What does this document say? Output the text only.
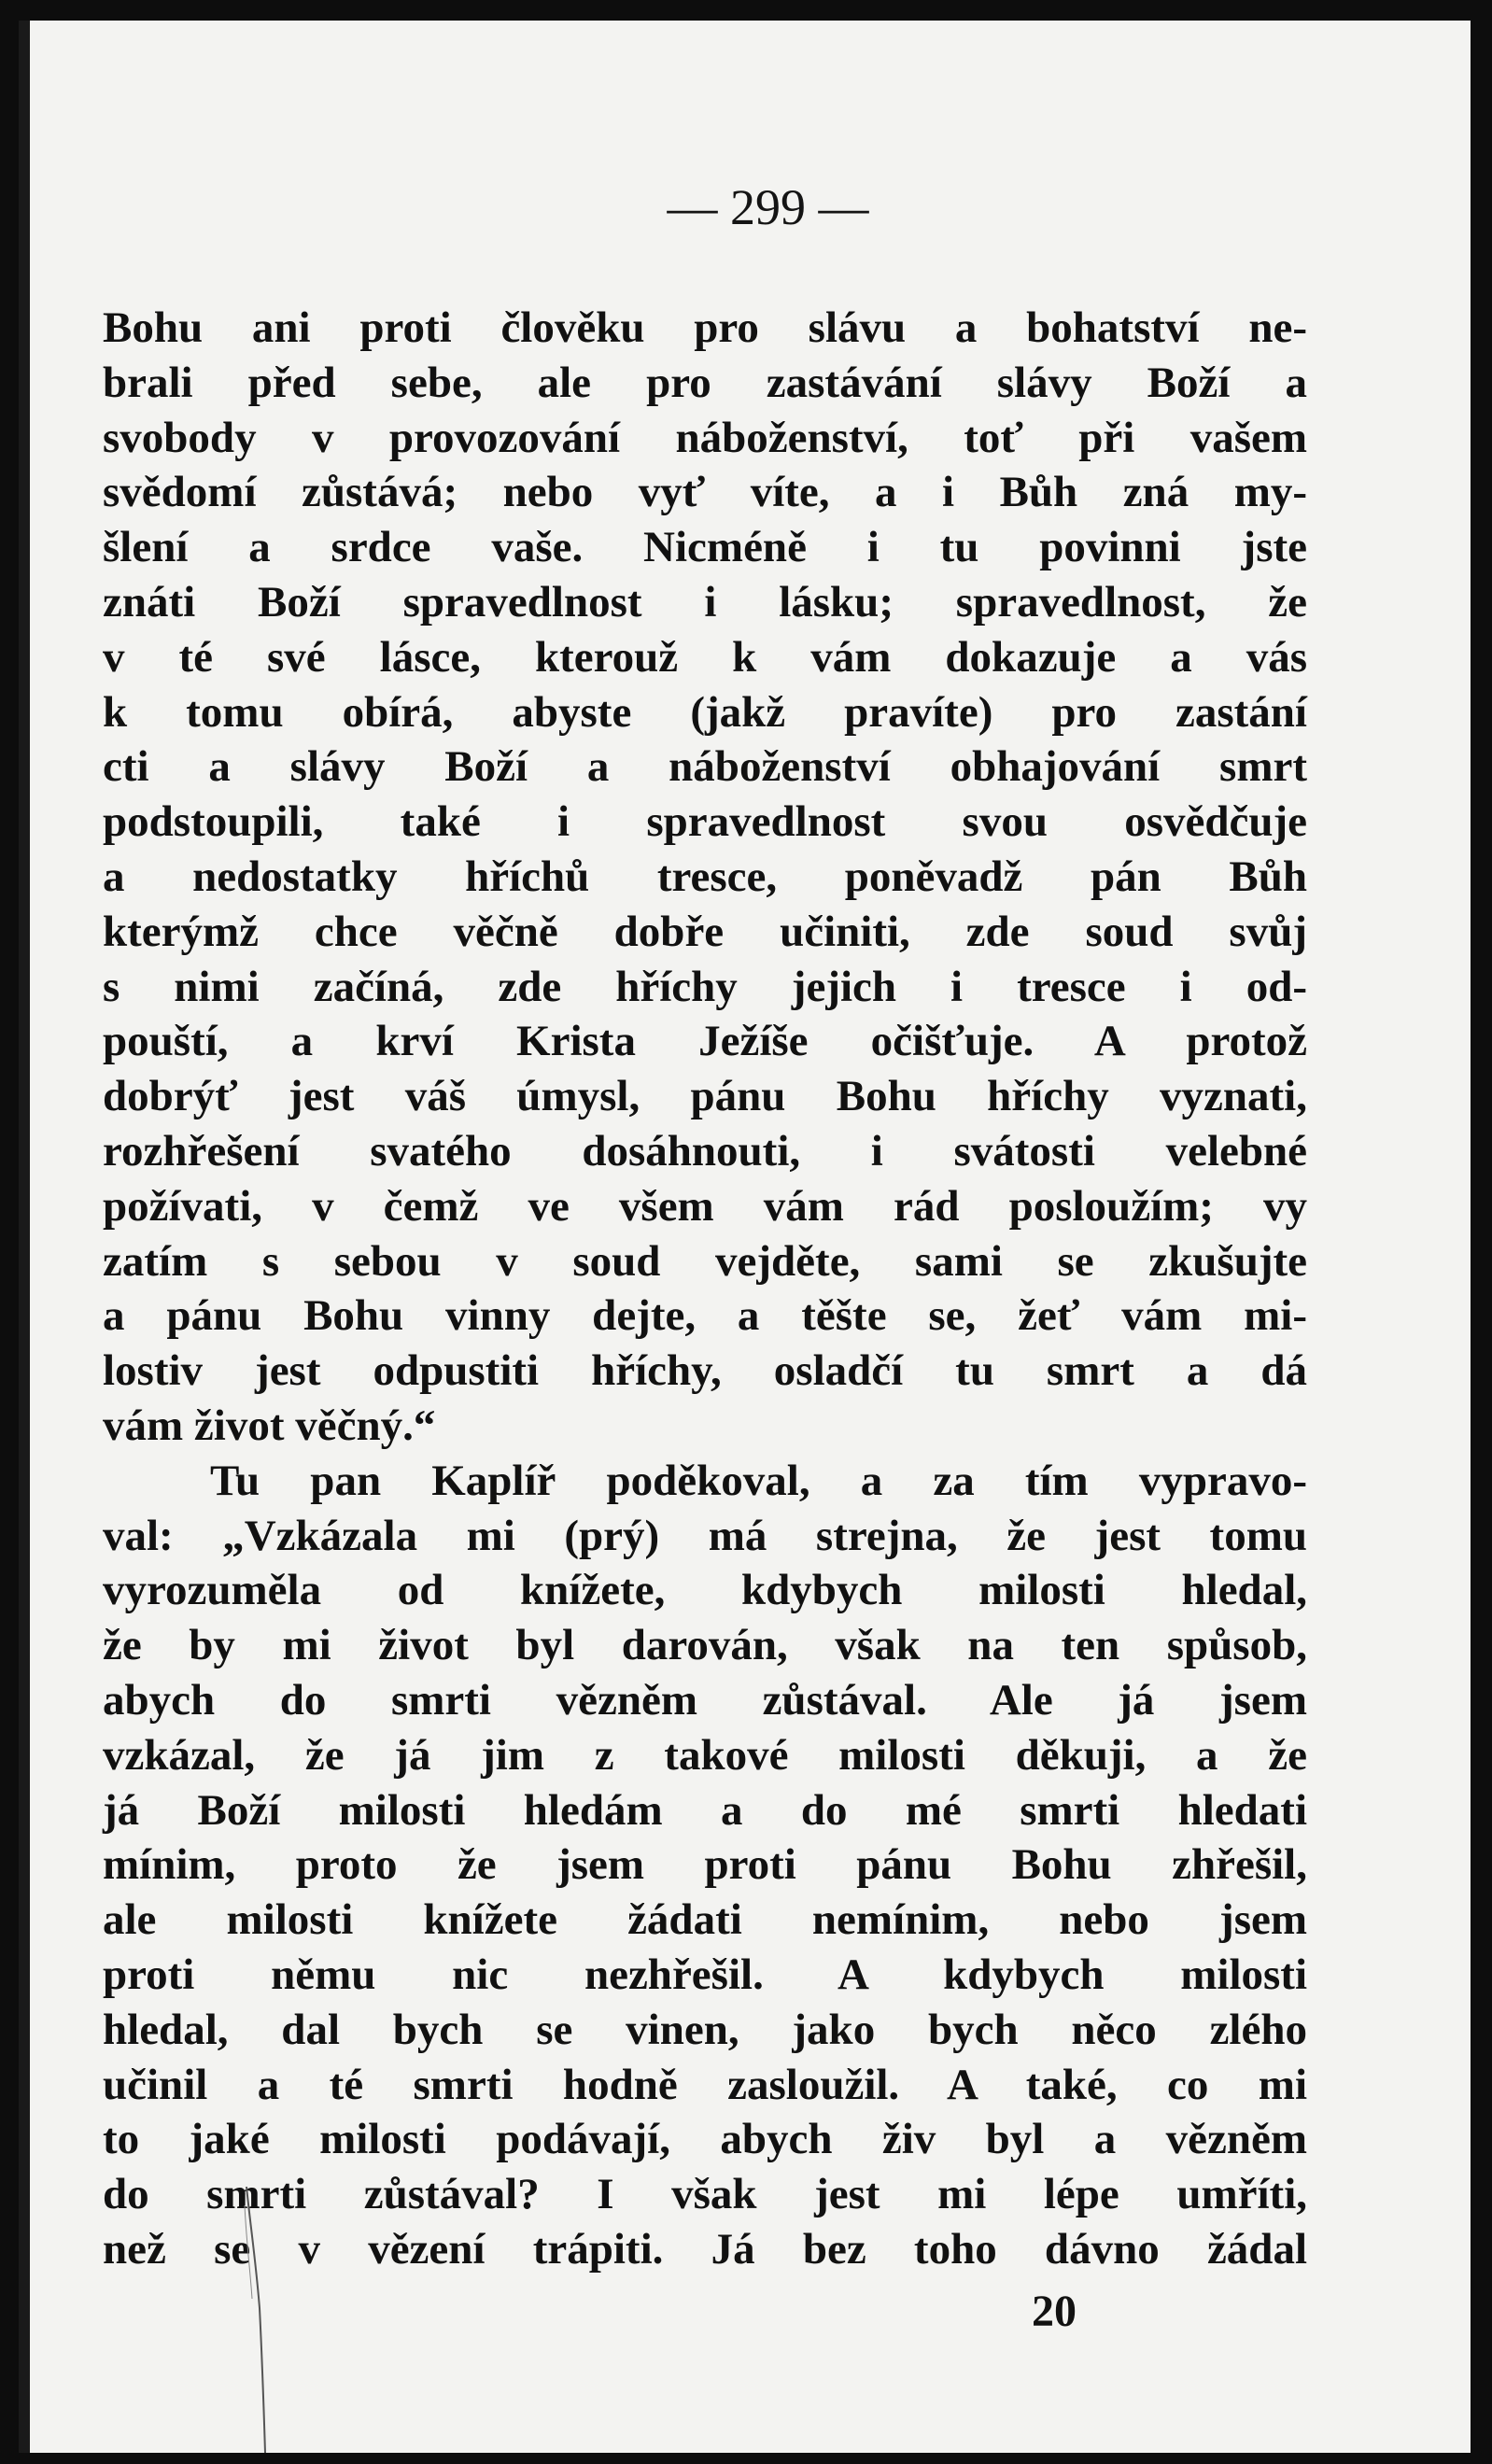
— 299 —
Bohu ani proti člověku pro slávu a bohatství ne-
brali před sebe, ale pro zastávání slávy Boží a
svobody v provozování náboženství, toť při vašem
svědomí zůstává; nebo vyť víte, a i Bůh zná my-
šlení a srdce vaše. Nicméně i tu povinni jste
znáti Boží spravedlnost i lásku; spravedlnost, že
v té své lásce, kterouž k vám dokazuje a vás
k tomu obírá, abyste (jakž pravíte) pro zastání
cti a slávy Boží a náboženství obhajování smrt
podstoupili, také i spravedlnost svou osvědčuje
a nedostatky hříchů tresce, poněvadž pán Bůh
kterýmž chce věčně dobře učiniti, zde soud svůj
s nimi začíná, zde hříchy jejich i tresce i od-
pouští, a krví Krista Ježíše očišťuje. A protož
dobrýť jest váš úmysl, pánu Bohu hříchy vyznati,
rozhřešení svatého dosáhnouti, i svátosti velebné
požívati, v čemž ve všem vám rád posloužím; vy
zatím s sebou v soud vejděte, sami se zkušujte
a pánu Bohu vinny dejte, a těšte se, žeť vám mi-
lostiv jest odpustiti hříchy, osladčí tu smrt a dá
vám život věčný.“
Tu pan Kaplíř poděkoval, a za tím vypravo-
val: „Vzkázala mi (prý) má strejna, že jest tomu
vyrozuměla od knížete, kdybych milosti hledal,
že by mi život byl darován, však na ten spůsob,
abych do smrti vězněm zůstával. Ale já jsem
vzkázal, že já jim z takové milosti děkuji, a že
já Boží milosti hledám a do mé smrti hledati
mínim, proto že jsem proti pánu Bohu zhřešil,
ale milosti knížete žádati nemínim, nebo jsem
proti němu nic nezhřešil. A kdybych milosti
hledal, dal bych se vinen, jako bych něco zlého
učinil a té smrti hodně zasloužil. A také, co mi
to jaké milosti podávají, abych živ byl a vězněm
do smrti zůstával? I však jest mi lépe umříti,
než se v vězení trápiti. Já bez toho dávno žádal
20
